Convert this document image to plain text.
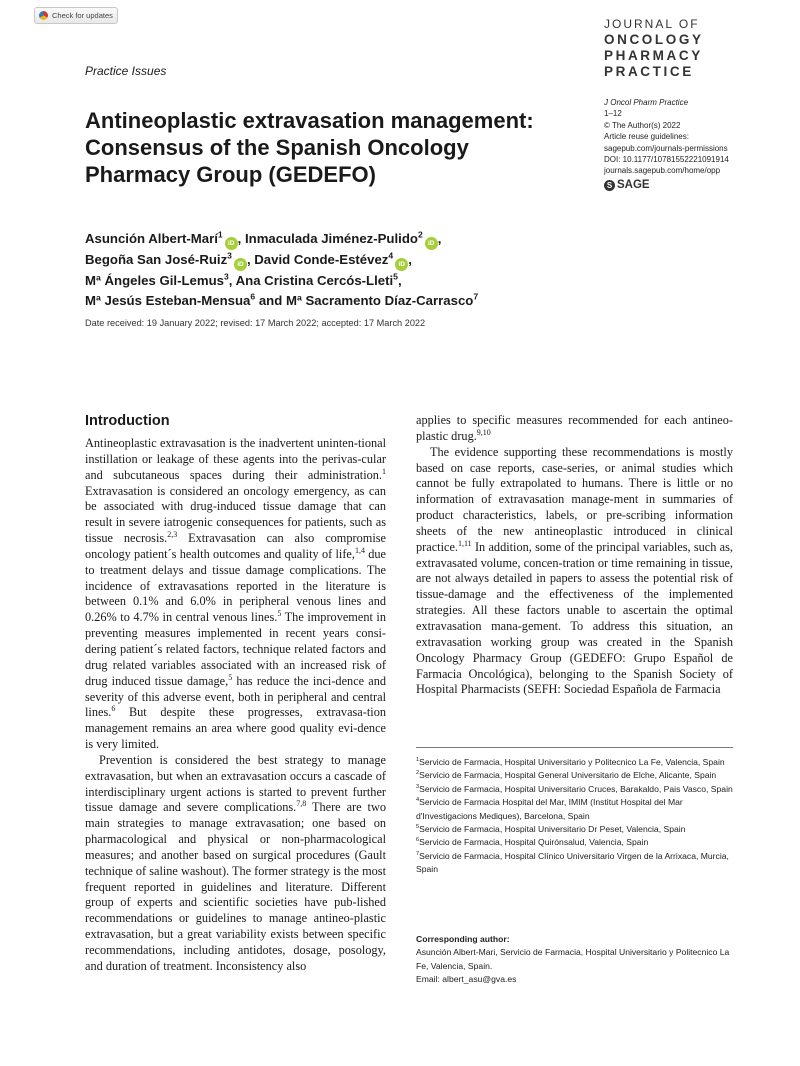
Check for updates
JOURNAL OF
ONCOLOGY
PHARMACY
PRACTICE
Practice Issues
J Oncol Pharm Practice
1–12
© The Author(s) 2022
Article reuse guidelines:
sagepub.com/journals-permissions
DOI: 10.1177/10781552221091914
journals.sagepub.com/home/opp
S SAGE
Antineoplastic extravasation management:
Consensus of the Spanish Oncology
Pharmacy Group (GEDEFO)
Asunción Albert-Marí$^1$iD , Inmaculada Jiménez-Pulido$^2$iD ,
Begoña San José-Ruiz$^3$iD , David Conde-Estévez$^4$iD ,
Mª Ángeles Gil-Lemus$^3$, Ana Cristina Cercós-Lleti$^5$,
Mª Jesús Esteban-Mensua$^6$ and Mª Sacramento Díaz-Carrasco$^7$
Date received: 19 January 2022; revised: 17 March 2022; accepted: 17 March 2022
Introduction

Antineoplastic extravasation is the inadvertent uninten-tional instillation or leakage of these agents into the perivas-cular and subcutaneous spaces during their administration.$^1$ Extravasation is considered an oncology emergency, as can be associated with drug-induced tissue damage that can result in severe iatrogenic consequences for patients, such as tissue necrosis.$^{2,3}$ Extravasation can also compromise oncology patient´s health outcomes and quality of life,$^{1,4}$ due to treatment delays and tissue damage complications. The incidence of extravasations reported in the literature is between 0.1% and 6.0% in peripheral venous lines and 0.26% to 4.7% in central venous lines.$^5$ The improvement in preventing measures implemented in recent years consi-dering patient´s related factors, technique related factors and drug related variables associated with an increased risk of drug induced tissue damage,$^5$ has reduce the inci-dence and severity of this adverse event, both in peripheral and central lines.$^6$ But despite these progresses, extravasa-tion management remains an area where good quality evi-dence is very limited.

Prevention is considered the best strategy to manage extravasation, but when an extravasation occurs a cascade of interdisciplinary urgent actions is started to prevent further tissue damage and severe complications.$^{7,8}$ There are two main strategies to manage extravasation; one based on pharmacological and physical or non-pharmacological measures; and another based on surgical procedures (Gault technique of saline washout). The former strategy is the most frequent reported in guidelines and literature. Different group of experts and scientific societies have pub-lished recommendations or guidelines to manage antineo-plastic extravasation, but a great variability exists between specific recommendations, including antidotes, dosage, posology, and duration of treatment. Inconsistency also

applies to specific measures recommended for each antineo-plastic drug.$^{9,10}$

The evidence supporting these recommendations is mostly based on case reports, case-series, or animal studies which cannot be fully extrapolated to humans. There is little or no information of extravasation manage-ment in summaries of product characteristics, labels, or pre-scribing information sheets of the new antineoplastic introduced in clinical practice.$^{1,11}$ In addition, some of the principal variables, such as, extravasated volume, concen-tration or time remaining in tissue, are not always detailed in papers to assess the potential risk of tissue-damage and the effectiveness of the implemented strategies. All these factors unable to ascertain the optimal extravasation mana-gement. To address this situation, an extravasation working group was created in the Spanish Oncology Pharmacy Group (GEDEFO: Grupo Español de Farmacia Oncológica), belonging to the Spanish Society of Hospital Pharmacists (SEFH: Sociedad Española de Farmacia

$^1$Servicio de Farmacia, Hospital Universitario y Politecnico La Fe, Valencia, Spain

$^2$Servicio de Farmacia, Hospital General Universitario de Elche, Alicante, Spain

$^3$Servicio de Farmacia, Hospital Universitario Cruces, Barakaldo, Pais Vasco, Spain

$^4$Servicio de Farmacia Hospital del Mar, IMIM (Institut Hospital del Mar d'Investigacions Mediques), Barcelona, Spain

$^5$Servicio de Farmacia, Hospital Universitario Dr Peset, Valencia, Spain

$^6$Servicio de Farmacia, Hospital Quirónsalud, Valencia, Spain

$^7$Servicio de Farmacia, Hospital Clínico Universitario Virgen de la Arrixaca, Murcia, Spain

Corresponding author:

Asunción Albert-Mari, Servicio de Farmacia, Hospital Universitario y Politecnico La Fe, Valencia, Spain.

Email: albert_asu@gva.es
